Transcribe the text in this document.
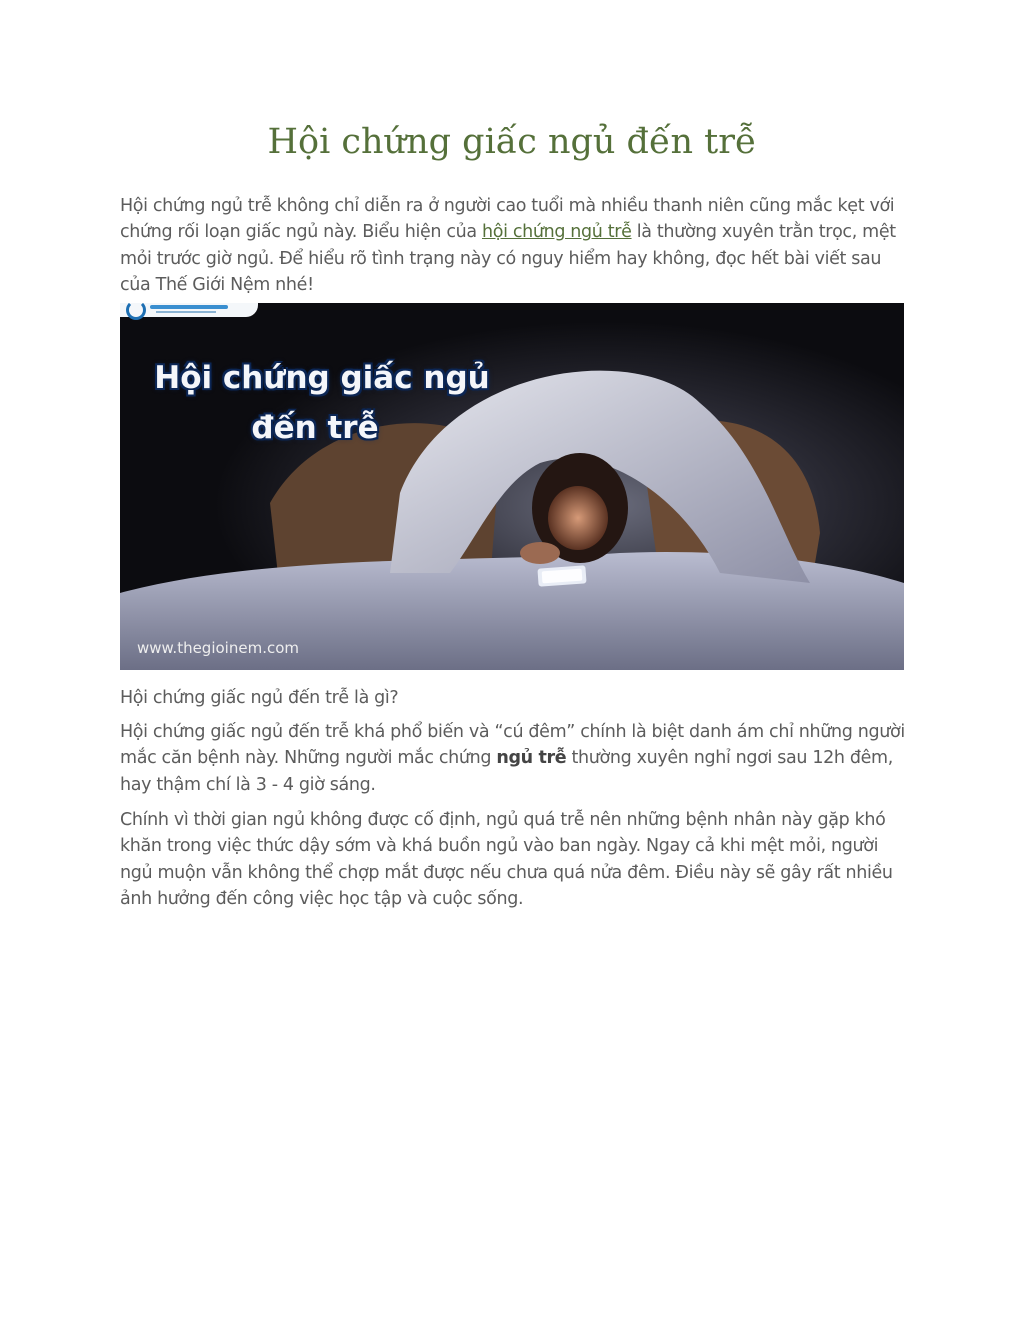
Hội chứng giấc ngủ đến trễ

Hội chứng ngủ trễ không chỉ diễn ra ở người cao tuổi mà nhiều thanh niên cũng mắc kẹt với chứng rối loạn giấc ngủ này. Biểu hiện của hội chứng ngủ trễ là thường xuyên trằn trọc, mệt mỏi trước giờ ngủ. Để hiểu rõ tình trạng này có nguy hiểm hay không, đọc hết bài viết sau của Thế Giới Nệm nhé!

Hội chứng giấc ngủ
đến trễ
www.thegioinem.com

Hội chứng giấc ngủ đến trễ là gì?

Hội chứng giấc ngủ đến trễ khá phổ biến và “cú đêm” chính là biệt danh ám chỉ những người mắc căn bệnh này. Những người mắc chứng ngủ trễ thường xuyên nghỉ ngơi sau 12h đêm, hay thậm chí là 3 - 4 giờ sáng.

Chính vì thời gian ngủ không được cố định, ngủ quá trễ nên những bệnh nhân này gặp khó khăn trong việc thức dậy sớm và khá buồn ngủ vào ban ngày. Ngay cả khi mệt mỏi, người ngủ muộn vẫn không thể chợp mắt được nếu chưa quá nửa đêm. Điều này sẽ gây rất nhiều ảnh hưởng đến công việc học tập và cuộc sống.
